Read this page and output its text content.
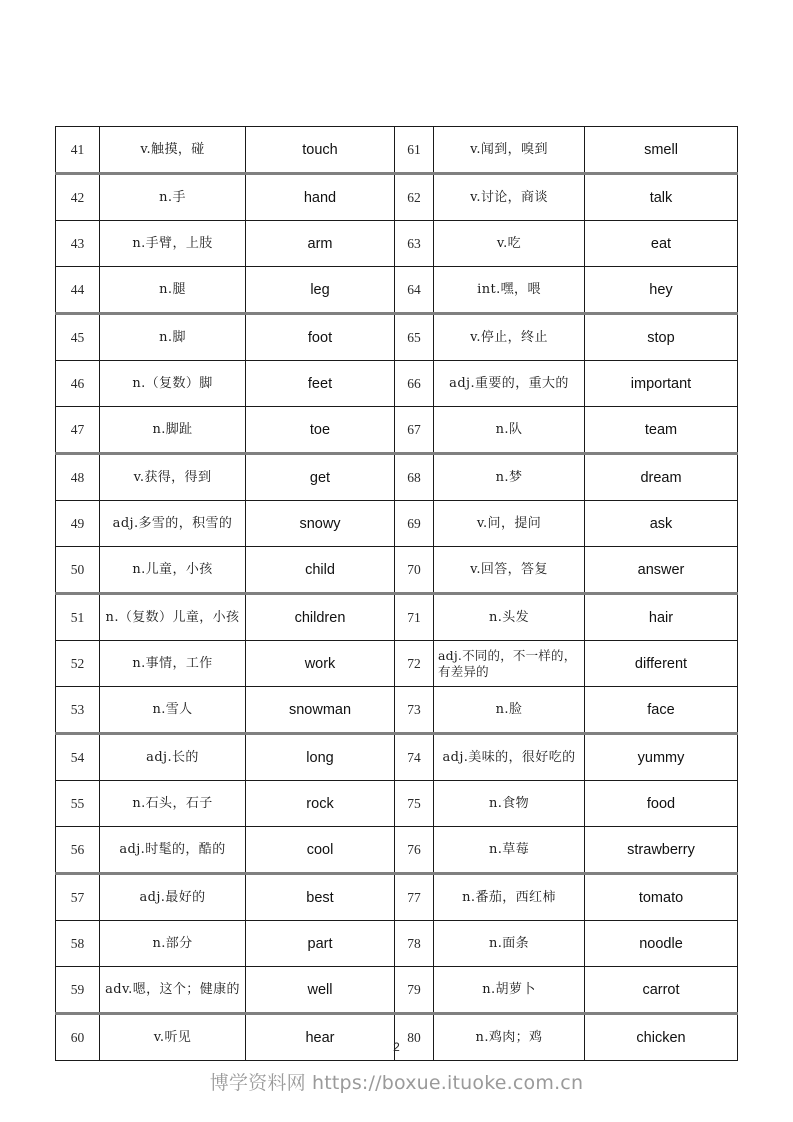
41	v.触摸，碰	touch	61	v.闻到，嗅到	smell
42	n.手	hand	62	v.讨论，商谈	talk
43	n.手臂，上肢	arm	63	v.吃	eat
44	n.腿	leg	64	int.嘿，喂	hey
45	n.脚	foot	65	v.停止，终止	stop
46	n.（复数）脚	feet	66	adj.重要的，重大的	important
47	n.脚趾	toe	67	n.队	team
48	v.获得，得到	get	68	n.梦	dream
49	adj.多雪的，积雪的	snowy	69	v.问，提问	ask
50	n.儿童，小孩	child	70	v.回答，答复	answer
51	n.（复数）儿童，小孩	children	71	n.头发	hair
52	n.事情，工作	work	72	adj.不同的，不一样的，有差异的	different
53	n.雪人	snowman	73	n.脸	face
54	adj.长的	long	74	adj.美味的，很好吃的	yummy
55	n.石头，石子	rock	75	n.食物	food
56	adj.时髦的，酷的	cool	76	n.草莓	strawberry
57	adj.最好的	best	77	n.番茄，西红柿	tomato
58	n.部分	part	78	n.面条	noodle
59	adv.嗯，这个；健康的	well	79	n.胡萝卜	carrot
60	v.听见	hear	80	n.鸡肉；鸡	chicken
2
博学资料网 https://boxue.ituoke.com.cn
